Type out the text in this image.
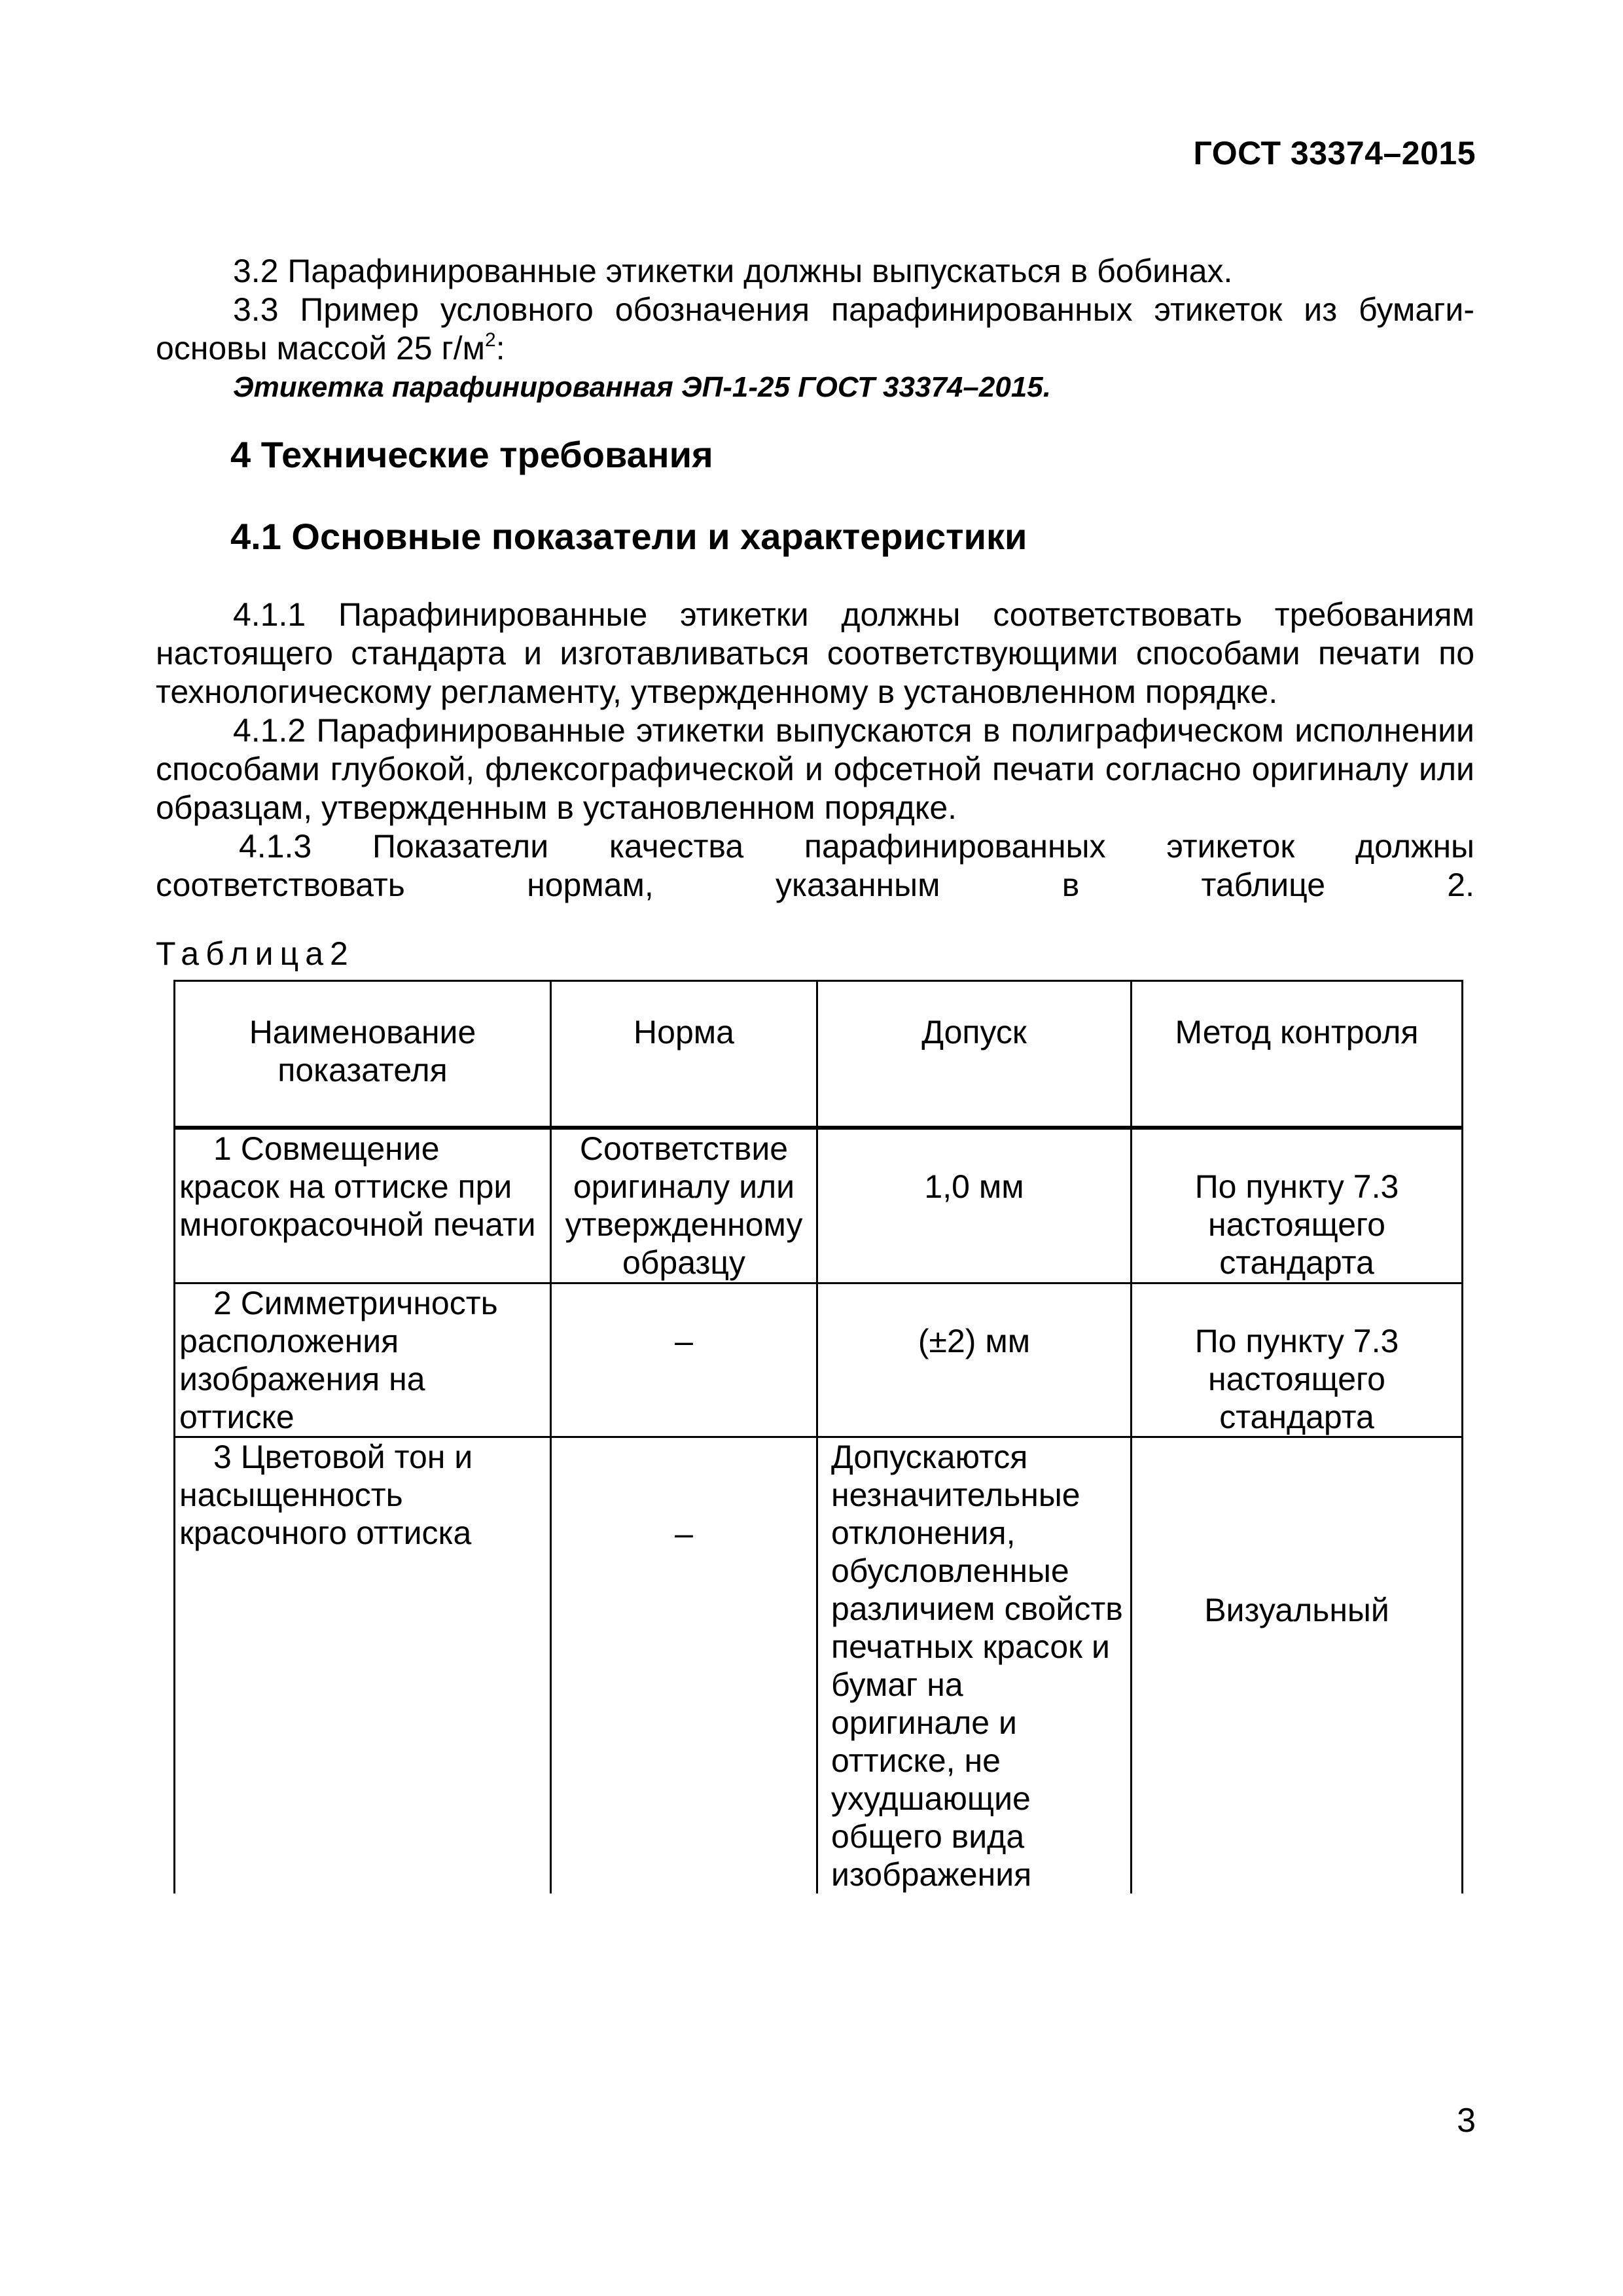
ГОСТ 33374–2015

3.2 Парафинированные этикетки должны выпускаться в бобинах.

3.3 Пример условного обозначения парафинированных этикеток из бумаги-основы массой 25 $г/м^2$:

Этикетка парафинированная ЭП-1-25 ГОСТ 33374–2015.

4 Технические требования
4.1 Основные показатели и характеристики

4.1.1 Парафинированные этикетки должны соответствовать требованиям настоящего стандарта и изготавливаться соответствующими способами печати по технологическому регламенту, утвержденному в установленном порядке.

4.1.2 Парафинированные этикетки выпускаются в полиграфическом исполнении способами глубокой, флексографической и офсетной печати согласно оригиналу или образцам, утвержденным в установленном порядке.

4.1.3 Показатели качества парафинированных этикеток должны соответствовать нормам, указанным в таблице 2.

Таблица2
Наименование показателя	Норма	Допуск	Метод контроля

1 Совмещение красок на оттиске при многокрасочной печати	Соответствие оригиналу или утвержденному образцу	1,0 мм	По пункту 7.3 настоящего стандарта

2 Симметричность расположения изображения на оттиске	–	(±2) мм	По пункту 7.3 настоящего стандарта

3 Цветовой тон и насыщенность красочного оттиска	–	Допускаются незначительные отклонения, обусловленные различием свойств печатных красок и бумаг на оригинале и оттиске, не ухудшающие общего вида изображения	Визуальный
3
